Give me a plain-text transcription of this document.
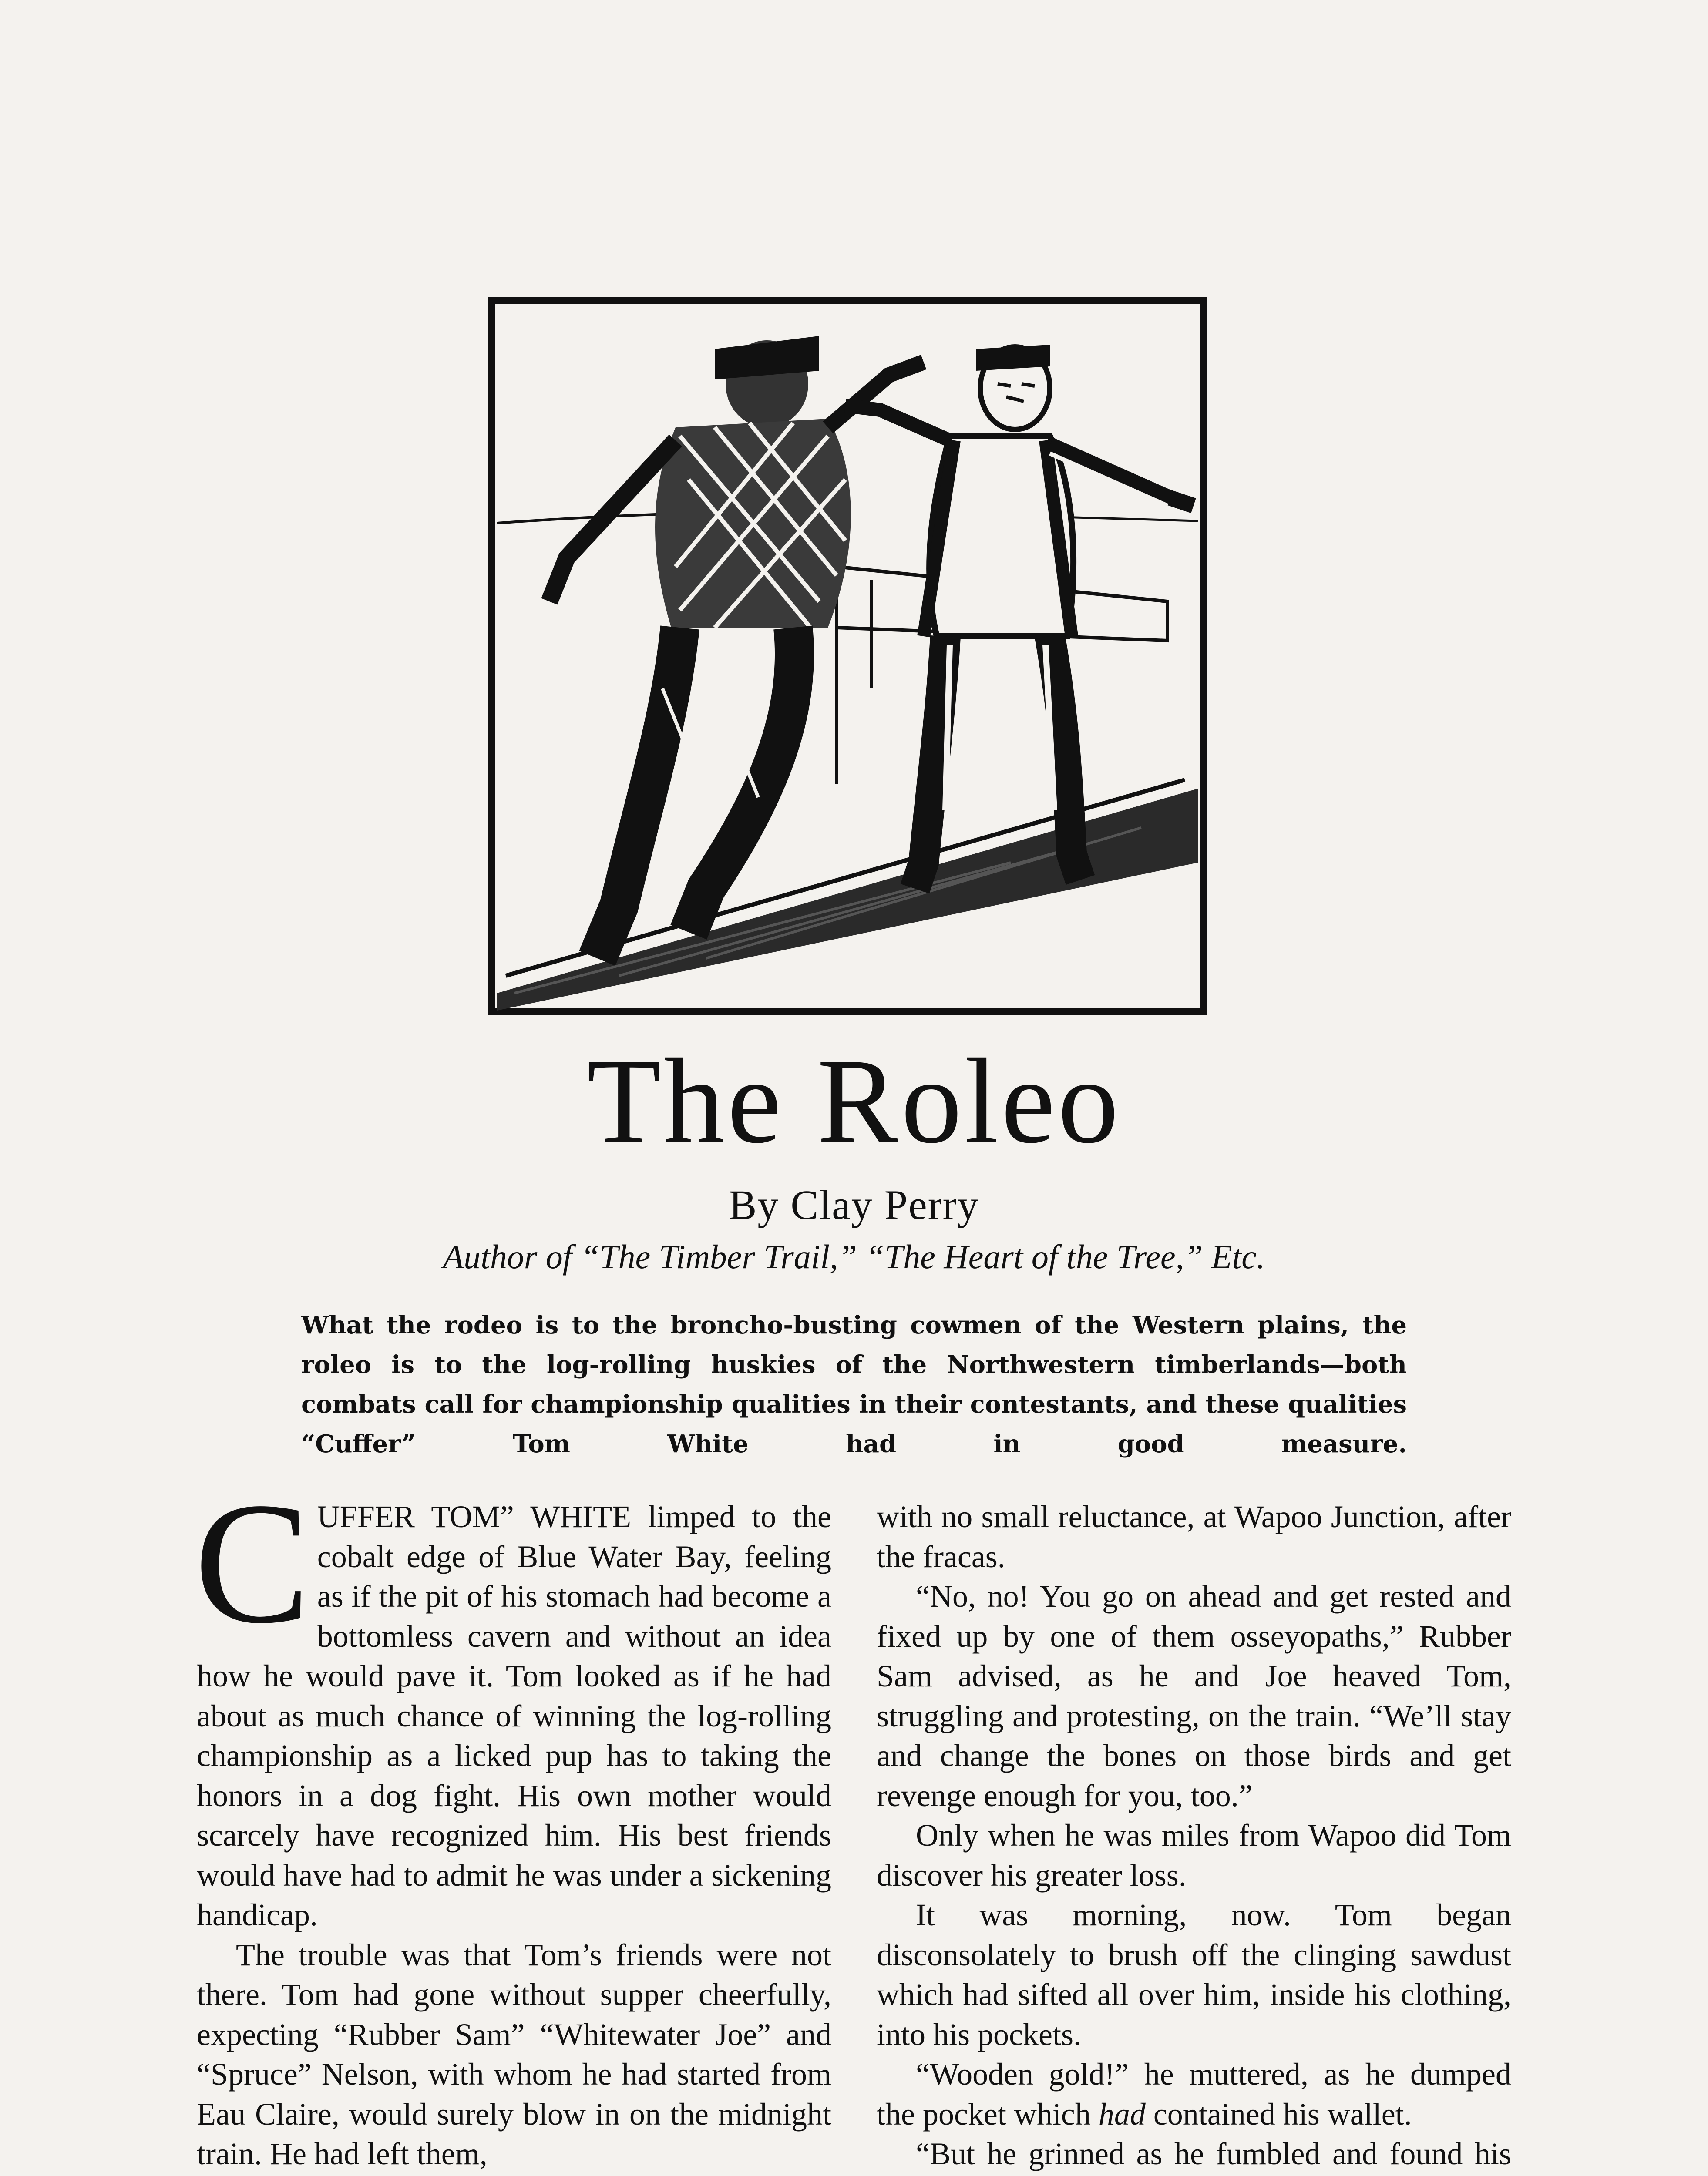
The Roleo
By Clay Perry
Author of “The Timber Trail,” “The Heart of the Tree,” Etc.
What the rodeo is to the broncho-busting cowmen of the Western plains, the roleo is to the log-rolling huskies of the Northwestern timberlands—both combats call for championship qualities in their contestants, and these qualities “Cuffer” Tom White had in good measure.

CUFFER TOM” WHITE limped to the cobalt edge of Blue Water Bay, feeling as if the pit of his stomach had become a bottomless cavern and without an idea how he would pave it. Tom looked as if he had about as much chance of winning the log-rolling championship as a licked pup has to taking the honors in a dog fight. His own mother would scarcely have recognized him. His best friends would have had to admit he was under a sickening handicap.

The trouble was that Tom’s friends were not there. Tom had gone without supper cheerfully, expecting “Rubber Sam” “Whitewater Joe” and “Spruce” Nelson, with whom he had started from Eau Claire, would surely blow in on the midnight train. He had left them,

with no small reluctance, at Wapoo Junction, after the fracas.

“No, no! You go on ahead and get rested and fixed up by one of them osseyopaths,” Rubber Sam advised, as he and Joe heaved Tom, struggling and protesting, on the train. “We’ll stay and change the bones on those birds and get revenge enough for you, too.”

Only when he was miles from Wapoo did Tom discover his greater loss.

It was morning, now. Tom began disconsolately to brush off the clinging sawdust which had sifted all over him, inside his clothing, into his pockets.

“Wooden gold!” he muttered, as he dumped the pocket which had contained his wallet.

“But he grinned as he fumbled and found his
